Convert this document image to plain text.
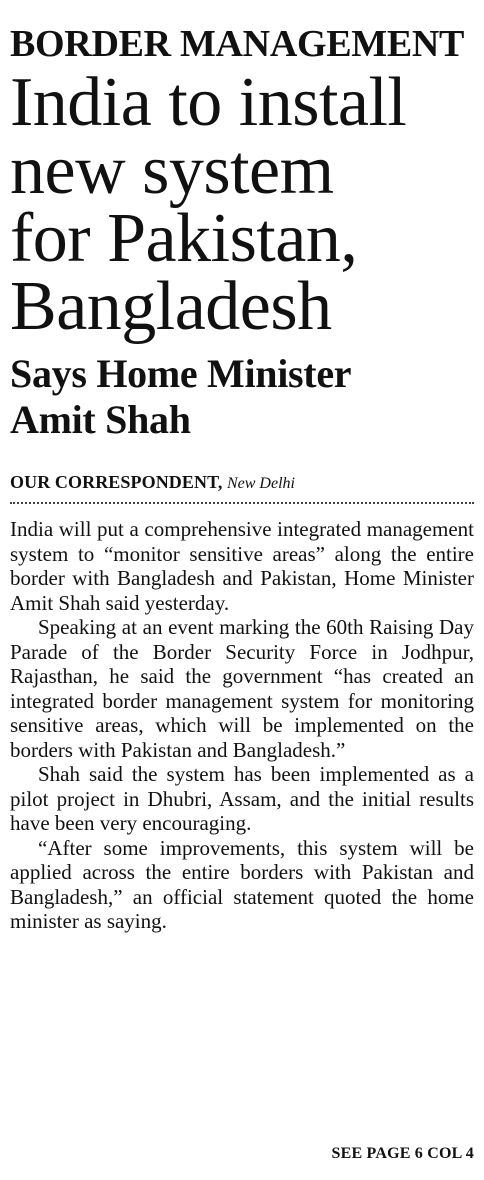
BORDER MANAGEMENT
India to install
new system
for Pakistan,
Bangladesh
Says Home Minister
Amit Shah
OUR CORRESPONDENT, New Delhi

India will put a comprehensive integrated management system to “monitor sensitive areas” along the entire border with Bangladesh and Pakistan, Home Minister Amit Shah said yesterday.

Speaking at an event marking the 60th Raising Day Parade of the Border Security Force in Jodhpur, Rajasthan, he said the government “has created an integrated border management system for monitoring sensitive areas, which will be implemented on the borders with Pakistan and Bangladesh.”

Shah said the system has been implemented as a pilot project in Dhubri, Assam, and the initial results have been very encouraging.

“After some improvements, this system will be applied across the entire borders with Pakistan and Bangladesh,” an official statement quoted the home minister as saying.

SEE PAGE 6 COL 4
